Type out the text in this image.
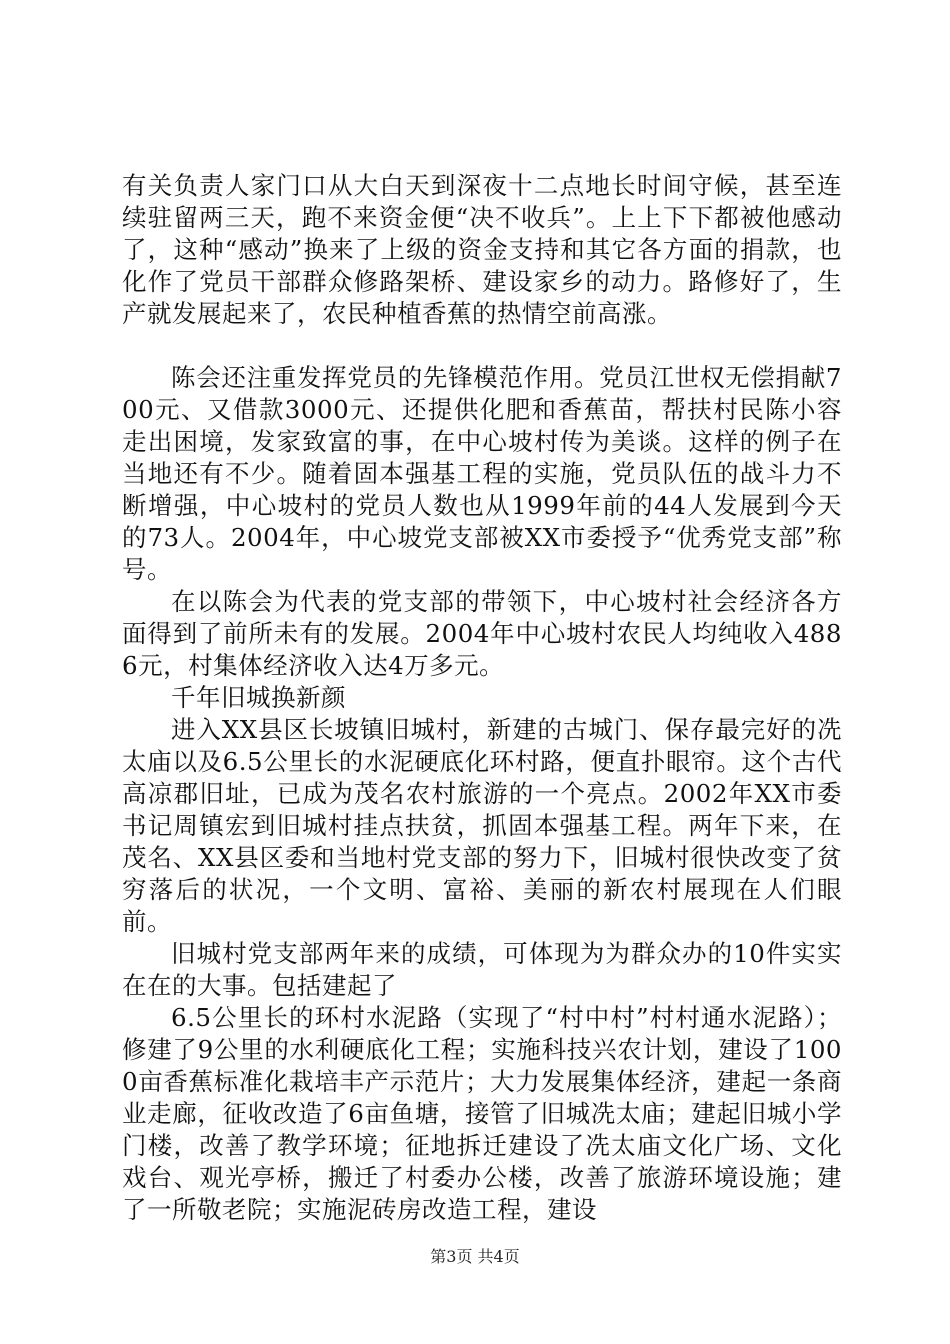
有关负责人家门口从大白天到深夜十二点地长时间守候，甚至连续驻留两三天，跑不来资金便“决不收兵”。上上下下都被他感动了，这种“感动”换来了上级的资金支持和其它各方面的捐款，也化作了党员干部群众修路架桥、建设家乡的动力。路修好了，生产就发展起来了，农民种植香蕉的热情空前高涨。

陈会还注重发挥党员的先锋模范作用。党员江世权无偿捐献700元、又借款3000元、还提供化肥和香蕉苗，帮扶村民陈小容走出困境，发家致富的事，在中心坡村传为美谈。这样的例子在当地还有不少。随着固本强基工程的实施，党员队伍的战斗力不断增强，中心坡村的党员人数也从1999年前的44人发展到今天的73人。2004年，中心坡党支部被XX市委授予“优秀党支部”称号。

在以陈会为代表的党支部的带领下，中心坡村社会经济各方面得到了前所未有的发展。2004年中心坡村农民人均纯收入4886元，村集体经济收入达4万多元。

千年旧城换新颜

进入XX县区长坡镇旧城村，新建的古城门、保存最完好的冼太庙以及6.5公里长的水泥硬底化环村路，便直扑眼帘。这个古代高凉郡旧址，已成为茂名农村旅游的一个亮点。2002年XX市委书记周镇宏到旧城村挂点扶贫，抓固本强基工程。两年下来，在茂名、XX县区委和当地村党支部的努力下，旧城村很快改变了贫穷落后的状况，一个文明、富裕、美丽的新农村展现在人们眼前。

旧城村党支部两年来的成绩，可体现为为群众办的10件实实在在的大事。包括建起了

6.5公里长的环村水泥路（实现了“村中村”村村通水泥路）；修建了9公里的水利硬底化工程；实施科技兴农计划，建设了1000亩香蕉标准化栽培丰产示范片；大力发展集体经济，建起一条商业走廊，征收改造了6亩鱼塘，接管了旧城冼太庙；建起旧城小学门楼，改善了教学环境；征地拆迁建设了冼太庙文化广场、文化戏台、观光亭桥，搬迁了村委办公楼，改善了旅游环境设施；建了一所敬老院；实施泥砖房改造工程，建设

第3页 共4页
